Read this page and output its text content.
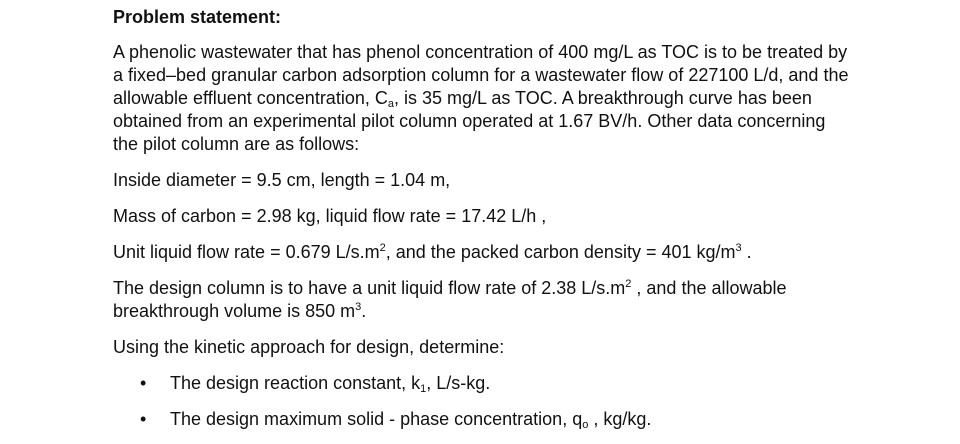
Problem statement:

A phenolic wastewater that has phenol concentration of 400 mg/L as TOC is to be treated by a fixed–bed granular carbon adsorption column for a wastewater flow of 227100 L/d, and the allowable effluent concentration, $C_a$, is 35 mg/L as TOC. A breakthrough curve has been obtained from an experimental pilot column operated at 1.67 BV/h. Other data concerning the pilot column are as follows:

Inside diameter = 9.5 cm, length = 1.04 m,

Mass of carbon = 2.98 kg, liquid flow rate = 17.42 L/h ,

Unit liquid flow rate = 0.679 $L/s.m^2$, and the packed carbon density = 401 $kg/m^3$ .

The design column is to have a unit liquid flow rate of 2.38 $L/s.m^2$ , and the allowable breakthrough volume is 850 $m^3$.

Using the kinetic approach for design, determine:

• The design reaction constant, $k_1$, L/s-kg.
• The design maximum solid - phase concentration, $q_o$ , kg/kg.
